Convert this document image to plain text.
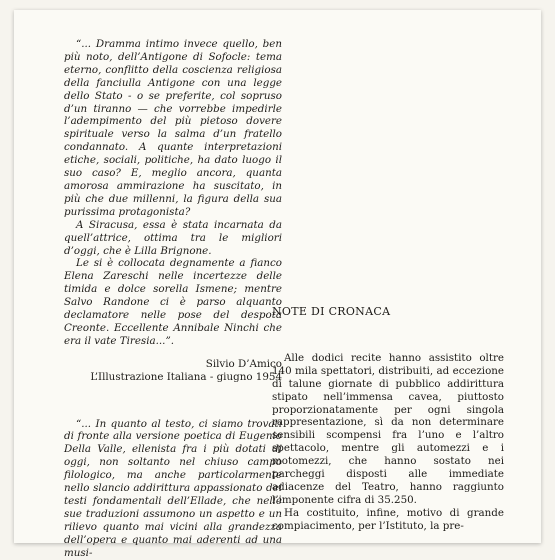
“... Dramma intimo invece quello, ben più noto, dell’Antigone di Sofocle: tema eterno, conflitto della coscienza religiosa della fanciulla Antigone con una legge dello Stato - o se preferite, col sopruso d’un tiranno — che vorrebbe impedirle l’adempimento del più pietoso dovere spirituale verso la salma d’un fratello condannato. A quante interpretazioni etiche, sociali, politiche, ha dato luogo il suo caso? E, meglio ancora, quanta amorosa ammirazione ha suscitato, in più che due millenni, la figura della sua purissima protagonista?

A Siracusa, essa è stata incarnata da quell’attrice, ottima tra le migliori d’oggi, che è Lilla Brignone.

Le si è collocata degnamente a fianco Elena Zareschi nelle incertezze delle timida e dolce sorella Ismene; mentre Salvo Randone ci è parso alquanto declamatore nelle pose del despota Creonte. Eccellente Annibale Ninchi che era il vate Tiresia...”.

Silvio D’Amico

L’Illustrazione Italiana - giugno 1954

“... In quanto al testo, ci siamo trovati di fronte alla versione poetica di Eugenio Della Valle, ellenista fra i più dotati di oggi, non soltanto nel chiuso campo filologico, ma anche particolarmente nello slancio addirittura appassionato dei testi fondamentali dell’Ellade, che nelle sue traduzioni assumono un aspetto e un rilievo quanto mai vicini alla grandezza dell’opera e quanto mai aderenti ad una musi-

NOTE DI CRONACA

Alle dodici recite hanno assistito oltre 140 mila spettatori, distribuiti, ad eccezione di talune giornate di pubblico addirittura stipato nell’immensa cavea, piuttosto proporzionatamente per ogni singola rappresentazione, sì da non determinare sensibili scompensi fra l’uno e l’altro spettacolo, mentre gli automezzi e i motomezzi, che hanno sostato nei parcheggi disposti alle immediate adiacenze del Teatro, hanno raggiunto l’imponente cifra di 35.250.

Ha costituito, infine, motivo di grande compiacimento, per l’Istituto, la pre-
